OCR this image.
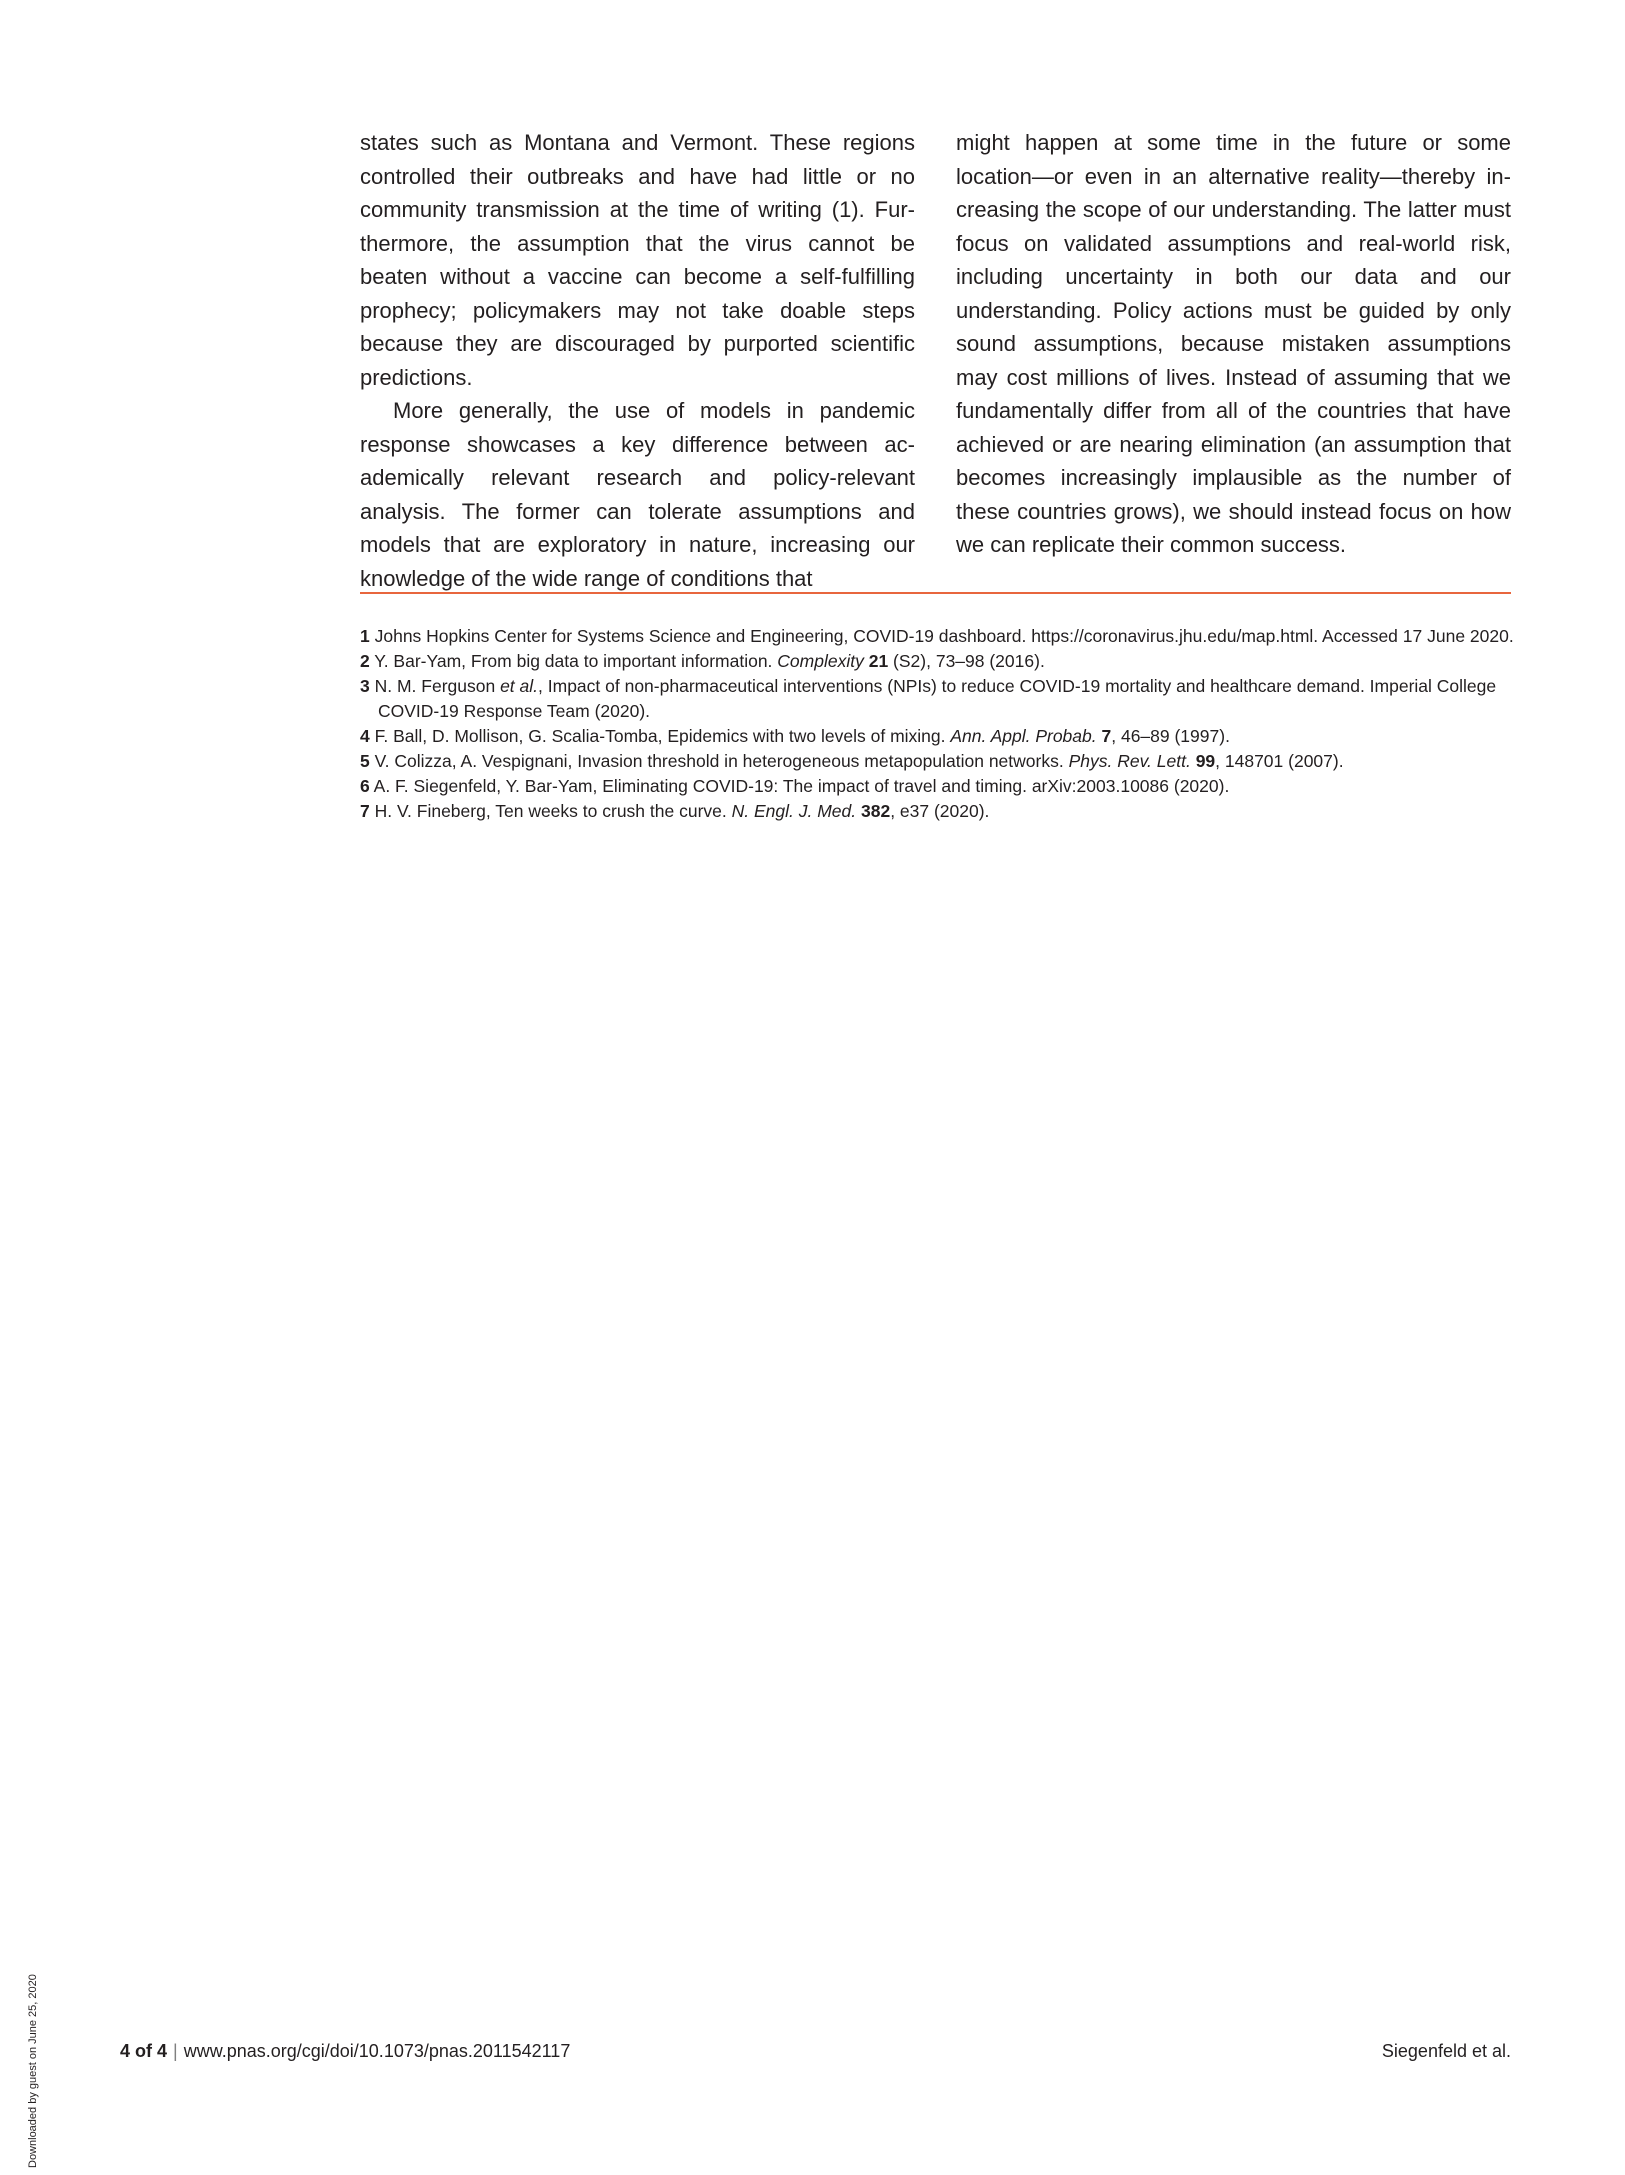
states such as Montana and Vermont. These regions controlled their outbreaks and have had little or no community transmission at the time of writing (1). Furthermore, the assumption that the virus cannot be beaten without a vaccine can become a self-fulfilling prophecy; policymakers may not take doable steps because they are discouraged by purported scientific predictions.

More generally, the use of models in pandemic response showcases a key difference between academically relevant research and policy-relevant analysis. The former can tolerate assumptions and models that are exploratory in nature, increasing our knowledge of the wide range of conditions that

might happen at some time in the future or some location—or even in an alternative reality—thereby increasing the scope of our understanding. The latter must focus on validated assumptions and real-world risk, including uncertainty in both our data and our understanding. Policy actions must be guided by only sound assumptions, because mistaken assumptions may cost millions of lives. Instead of assuming that we fundamentally differ from all of the countries that have achieved or are nearing elimination (an assumption that becomes increasingly implausible as the number of these countries grows), we should instead focus on how we can replicate their common success.

1 Johns Hopkins Center for Systems Science and Engineering, COVID-19 dashboard. https://coronavirus.jhu.edu/map.html. Accessed 17 June 2020.
2 Y. Bar-Yam, From big data to important information. Complexity 21 (S2), 73–98 (2016).
3 N. M. Ferguson et al., Impact of non-pharmaceutical interventions (NPIs) to reduce COVID-19 mortality and healthcare demand. Imperial College COVID-19 Response Team (2020).
4 F. Ball, D. Mollison, G. Scalia-Tomba, Epidemics with two levels of mixing. Ann. Appl. Probab. 7, 46–89 (1997).
5 V. Colizza, A. Vespignani, Invasion threshold in heterogeneous metapopulation networks. Phys. Rev. Lett. 99, 148701 (2007).
6 A. F. Siegenfeld, Y. Bar-Yam, Eliminating COVID-19: The impact of travel and timing. arXiv:2003.10086 (2020).
7 H. V. Fineberg, Ten weeks to crush the curve. N. Engl. J. Med. 382, e37 (2020).
4 of 4 | www.pnas.org/cgi/doi/10.1073/pnas.2011542117	Siegenfeld et al.
Downloaded by guest on June 25, 2020
